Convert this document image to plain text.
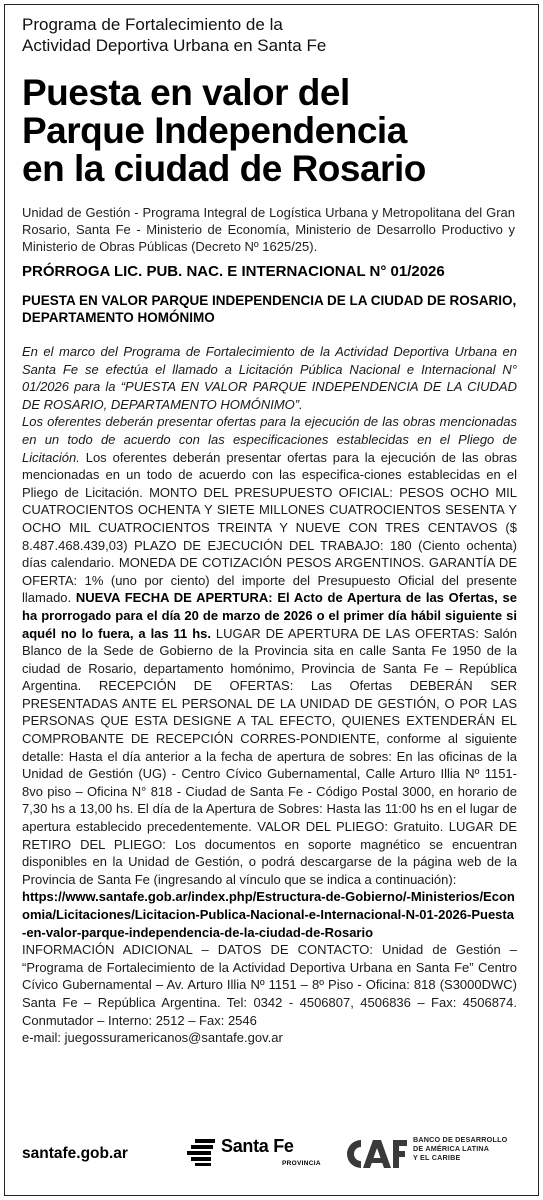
Programa de Fortalecimiento de la
Actividad Deportiva Urbana en Santa Fe
Puesta en valor del
Parque Independencia
en la ciudad de Rosario

Unidad de Gestión - Programa Integral de Logística Urbana y Metropolitana del Gran Rosario, Santa Fe - Ministerio de Economía, Ministerio de Desarrollo Productivo y Ministerio de Obras Públicas (Decreto Nº 1625/25).

PRÓRROGA LIC. PUB. NAC. E INTERNACIONAL N° 01/2026
PUESTA EN VALOR PARQUE INDEPENDENCIA DE LA CIUDAD DE ROSARIO, DEPARTAMENTO HOMÓNIMO

En el marco del Programa de Fortalecimiento de la Actividad Deportiva Urbana en Santa Fe se efectúa el llamado a Licitación Pública Nacional e Internacional N° 01/2026 para la “PUESTA EN VALOR PARQUE INDEPENDENCIA DE LA CIUDAD DE ROSARIO, DEPARTAMENTO HOMÓNIMO”.

Los oferentes deberán presentar ofertas para la ejecución de las obras mencionadas en un todo de acuerdo con las especificaciones establecidas en el Pliego de Licitación. Los oferentes deberán presentar ofertas para la ejecución de las obras mencionadas en un todo de acuerdo con las especifica-ciones establecidas en el Pliego de Licitación. MONTO DEL PRESUPUESTO OFICIAL: PESOS OCHO MIL CUATROCIENTOS OCHENTA Y SIETE MILLONES CUATROCIENTOS SESENTA Y OCHO MIL CUATROCIENTOS TREINTA Y NUEVE CON TRES CENTAVOS ($ 8.487.468.439,03) PLAZO DE EJECUCIÓN DEL TRABAJO: 180 (Ciento ochenta) días calendario. MONEDA DE COTIZACIÓN PESOS ARGENTINOS. GARANTÍA DE OFERTA: 1% (uno por ciento) del importe del Presupuesto Oficial del presente llamado. NUEVA FECHA DE APERTURA: El Acto de Apertura de las Ofertas, se ha prorrogado para el día 20 de marzo de 2026 o el primer día hábil siguiente si aquél no lo fuera, a las 11 hs. LUGAR DE APERTURA DE LAS OFERTAS: Salón Blanco de la Sede de Gobierno de la Provincia sita en calle Santa Fe 1950 de la ciudad de Rosario, departamento homónimo, Provincia de Santa Fe – República Argentina. RECEPCIÓN DE OFERTAS: Las Ofertas DEBERÁN SER PRESENTADAS ANTE EL PERSONAL DE LA UNIDAD DE GESTIÓN, O POR LAS PERSONAS QUE ESTA DESIGNE A TAL EFECTO, QUIENES EXTENDERÁN EL COMPROBANTE DE RECEPCIÓN CORRES-PONDIENTE, conforme al siguiente detalle: Hasta el día anterior a la fecha de apertura de sobres: En las oficinas de la Unidad de Gestión (UG) - Centro Cívico Gubernamental, Calle Arturo Illia Nº 1151- 8vo piso – Oficina N° 818 - Ciudad de Santa Fe - Código Postal 3000, en horario de 7,30 hs a 13,00 hs. El día de la Apertura de Sobres: Hasta las 11:00 hs en el lugar de apertura establecido precedentemente. VALOR DEL PLIEGO: Gratuito. LUGAR DE RETIRO DEL PLIEGO: Los documentos en soporte magnético se encuentran disponibles en la Unidad de Gestión, o podrá descargarse de la página web de la Provincia de Santa Fe (ingresando al vínculo que se indica a continuación):
https://www.santafe.gob.ar/index.php/Estructura-de-Gobierno/-Ministerios/Economia/Licitaciones/Licitacion-Publica-Nacional-e-Internacional-N-01-2026-Puesta-en-valor-parque-independencia-de-la-ciudad-de-Rosario
INFORMACIÓN ADICIONAL – DATOS DE CONTACTO: Unidad de Gestión – “Programa de Fortalecimiento de la Actividad Deportiva Urbana en Santa Fe” Centro Cívico Gubernamental – Av. Arturo Illia Nº 1151 – 8º Piso - Oficina: 818 (S3000DWC) Santa Fe – República Argentina. Tel: 0342 - 4506807, 4506836 – Fax: 4506874. Conmutador – Interno: 2512 – Fax: 2546

e-mail: juegossuramericanos@santafe.gov.ar

santafe.gob.ar	Santa Fe
PROVINCIA
BANCO DE DESARROLLO
DE AMÉRICA LATINA
Y EL CARIBE
